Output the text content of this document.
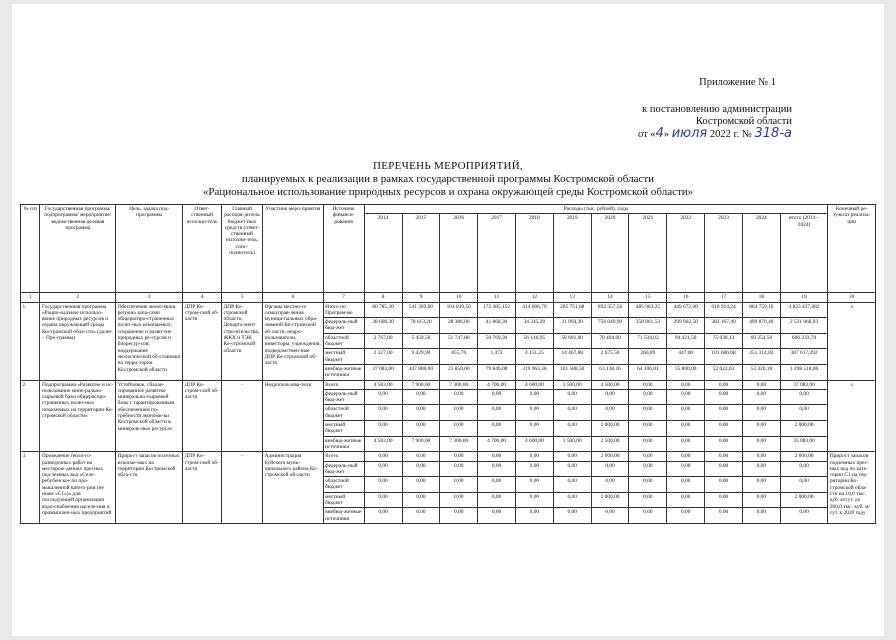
Приложение № 1
к постановлению администрации
Костромской области
от «4» июля 2022 г. № 318-а
ПЕРЕЧЕНЬ МЕРОПРИЯТИЙ,
планируемых к реализации в рамках государственной программы Костромской области
«Рациональное использование природных ресурсов и охрана окружающей среды Костромской области»
№ п/п	Государственная программа/ подпрограмма/ мероприятие/ ведомственная целевая программа	Цель, задача под-программы	Ответ-ственный исполни-тель	Главный распоря-дитель бюджет-ных средств (ответ-ственный исполни-тель, соис-полнитель)	Участник меро-приятия	Источник финанси-рования	Расходы (тыс. рублей), годы												Конечный ре-зультат реализа-ции
							2014	2015	2016	2017	2018	2019	2020	2021	2022	2023	2024	итого (2014 – 2024)	
1	2	3	4	5	6	7	8	9	10	11	12	13	14	15	16	17	18	19	20
1.	Государственная программа «Рацио-нальное использо-вание природных ресурсов и охрана окружающей среды Костромской обла-сти» (далее – Про-грамма)	Обеспечение эконо-мики региона запа-сами общераспро-страненных полез-ных ископаемых; сохранение и разви-тие природных ре-сурсов и биоресур-сов; поддержание экологической об-становки на терри-тории Костромской области	ДПР Ко-стром-ской об-ласти	ДПР Ко-стромской области, Департа-мент стро-ительства, ЖКХ и ТЭК Ко-стромской области	Органы местно-го самоуправ-ления муници-пальных обра-зований Ко-стромской об-ласти, недро-пользователи, инвесторы, учреждения, подведомствен-ные ДПР Ко-стромской об-ласти	Итого по Програм-ме	80 785,30	541 302,60	104 839,50	172 485,152	414 606,70	205 751,68	892 357,56	485 963,25	449 672,00	610 914,24	864 759,10	4 823 437,082	x
						федераль-ный бюд-жет	38 608,30	78 613,20	28 386,00	41 868,30	34 345,20	31 094,30	756 049,90	350 061,53	299 003,50	382 167,40	490 870,40	2 531 068,03	
						областной бюджет	2 767,00	5 459,50	51 747,80	50 769,30	56 146,95	58 601,00	70 494,00	71 534,02	94 421,50	75 038,13	69 254,50	606 233,70	
						местный бюджет	2 327,00	9 429,90	855,70	1,472	4 151,25	14 467,88	2 675,50	260,89	447,00	101 686,68	251 314,02	387 617,292	
						внебюд-жетные источники	37 083,00	447 800,00	23 850,00	79 846,08	319 963,30	101 588,50	63 138,16	64 106,81	55 800,00	52 022,03	53 320,18	1 298 518,06	
2.	Подпрограмма «Развитие и ис-пользование мине-рально-сырьевой базы общераспро-страненных полез-ных ископаемых на территории Ко-стромской области»	Устойчивое, сбалан-сированное развитие минерально-сырьевой базы с гарантированным обеспечением по-требности экономи-ки Костромской области в минераль-ных ресурсах	ДПР Ко-стром-ской об-ласти	-	Недропользова-тели	Всего	4 583,00	7 900,00	7 300,00	4 700,00	4 600,00	3 500,00	4 500,00	0,00	0,00	0,00	0,00	37 083,00	x
						федераль-ный бюд-жет	0,00	0,00	0,00	0,00	0,00	0,00	0,00	0,00	0,00	0,00	0,00	0,00	
						областной бюджет	0,00	0,00	0,00	0,00	0,00	0,00	0,00	0,00	0,00	0,00	0,00	0,00	
						местный бюджет	0,00	0,00	0,00	0,00	0,00	0,00	2 000,00	0,00	0,00	0,00	0,00	2 000,00	
						внебюд-жетные источники	4 583,00	7 900,00	7 300,00	4 700,00	4 600,00	3 500,00	2 500,00	0,00	0,00	0,00	0,00	35 083,00	
3.	Проведение геоло-го-разведочных работ на месторож-дениях пресных под-земных вод «Селе-ребубенское по про-мышленной катего-рии (не ниже «C1»)» для последующей организации водо-снабжения населе-ния и промышлен-ных предприятий	Прирост запасов полезных ископае-мых на территории Костромской обла-сти	ДПР Ко-стром-ской об-ласти	-	Администрация Буйского муни-ципального района Ко-стромской об-ласти	Всего	0,00	0,00	0,00	0,00	0,00	0,00	2 000,00	0,00	0,00	0,00	0,00	2 000,00	Прирост запасов подземных прес-ных вод по кате-гории C1 на тер-ритории Ко-стромской обла-сти на 10,0 тыс. куб. м/сут. до 360,0 тыс. куб. м/сут. к 2020 году
						федераль-ный бюд-жет	0,00	0,00	0,00	0,00	0,00	0,00	0,00	0,00	0,00	0,00	0,00	0,00	
						областной бюджет	0,00	0,00	0,00	0,00	0,00	0,00	0,00	0,00	0,00	0,00	0,00	0,00	
						местный бюджет	0,00	0,00	0,00	0,00	0,00	0,00	2 000,00	0,00	0,00	0,00	0,00	2 000,00	
						внебюд-жетные источники	0,00	0,00	0,00	0,00	0,00	0,00	0,00	0,00	0,00	0,00	0,00	0,00	
